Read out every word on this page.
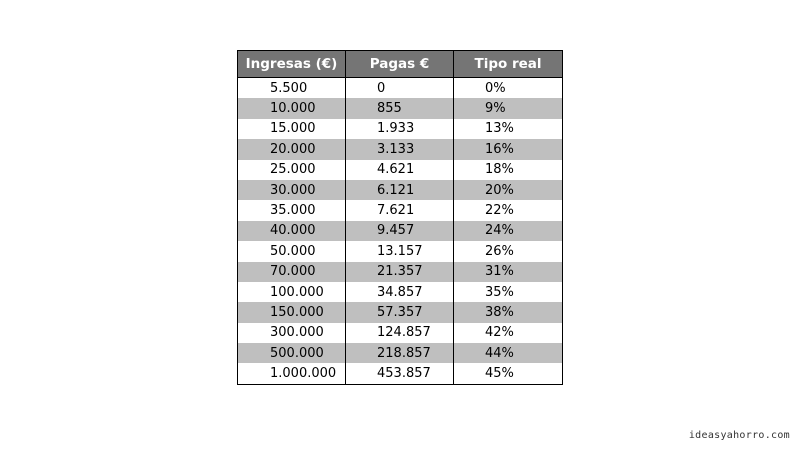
Ingresas (€)	Pagas €	Tipo real
5.500	0	0%
10.000	855	9%
15.000	1.933	13%
20.000	3.133	16%
25.000	4.621	18%
30.000	6.121	20%
35.000	7.621	22%
40.000	9.457	24%
50.000	13.157	26%
70.000	21.357	31%
100.000	34.857	35%
150.000	57.357	38%
300.000	124.857	42%
500.000	218.857	44%
1.000.000	453.857	45%
ideasyahorro.com
